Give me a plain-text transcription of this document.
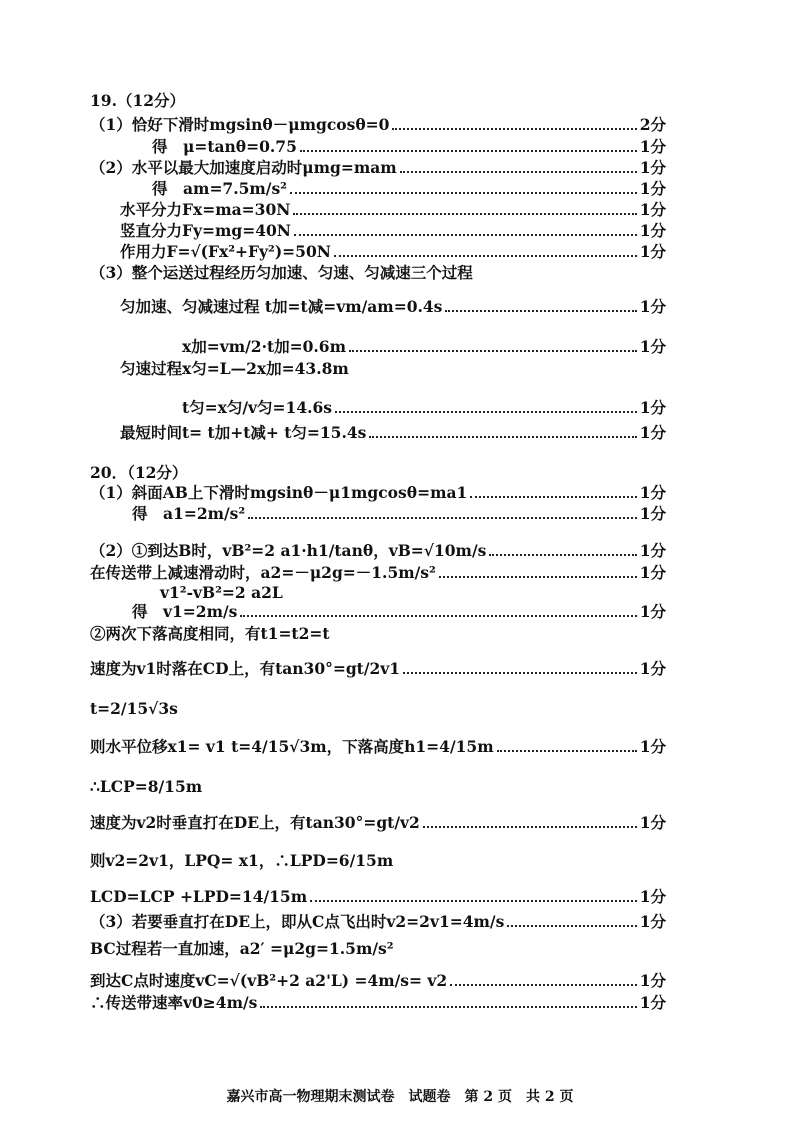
19.（12分）
（1）恰好下滑时mgsinθ－μmgcosθ=0	2分
得　μ=tanθ=0.75	1分
（2）水平以最大加速度启动时μmg=mam	1分
得　am=7.5m/s²	1分
水平分力Fx=ma=30N	1分
竖直分力Fy=mg=40N	1分
作用力F=√(Fx²+Fy²)=50N	1分
（3）整个运送过程经历匀加速、匀速、匀减速三个过程
匀加速、匀减速过程 t加=t减=vm/am=0.4s	1分
x加=vm/2·t加=0.6m	1分
匀速过程x匀=L—2x加=43.8m
t匀=x匀/v匀=14.6s	1分
最短时间t= t加+t减+ t匀=15.4s	1分
20．（12分）
（1）斜面AB上下滑时mgsinθ－μ1mgcosθ=ma1	1分
得　a1=2m/s²	1分
（2）①到达B时，vB²=2 a1·h1/tanθ，vB=√10m/s	1分
在传送带上减速滑动时，a2=－μ2g=－1.5m/s²	1分
v1²-vB²=2 a2L
得　v1=2m/s	1分
②两次下落高度相同，有t1=t2=t
速度为v1时落在CD上，有tan30°=gt/2v1	1分
t=2/15√3s
则水平位移x1= v1 t=4/15√3m，下落高度h1=4/15m	1分
∴LCP=8/15m
速度为v2时垂直打在DE上，有tan30°=gt/v2	1分
则v2=2v1，LPQ= x1，∴LPD=6/15m
LCD=LCP +LPD=14/15m	1分
（3）若要垂直打在DE上，即从C点飞出时v2=2v1=4m/s	1分
BC过程若一直加速，a2′ =μ2g=1.5m/s²
到达C点时速度vC=√(vB²+2 a2'L) =4m/s= v2	1分
∴传送带速率v0≥4m/s	1分
嘉兴市高一物理期末测试卷　试题卷　第 2 页　共 2 页
